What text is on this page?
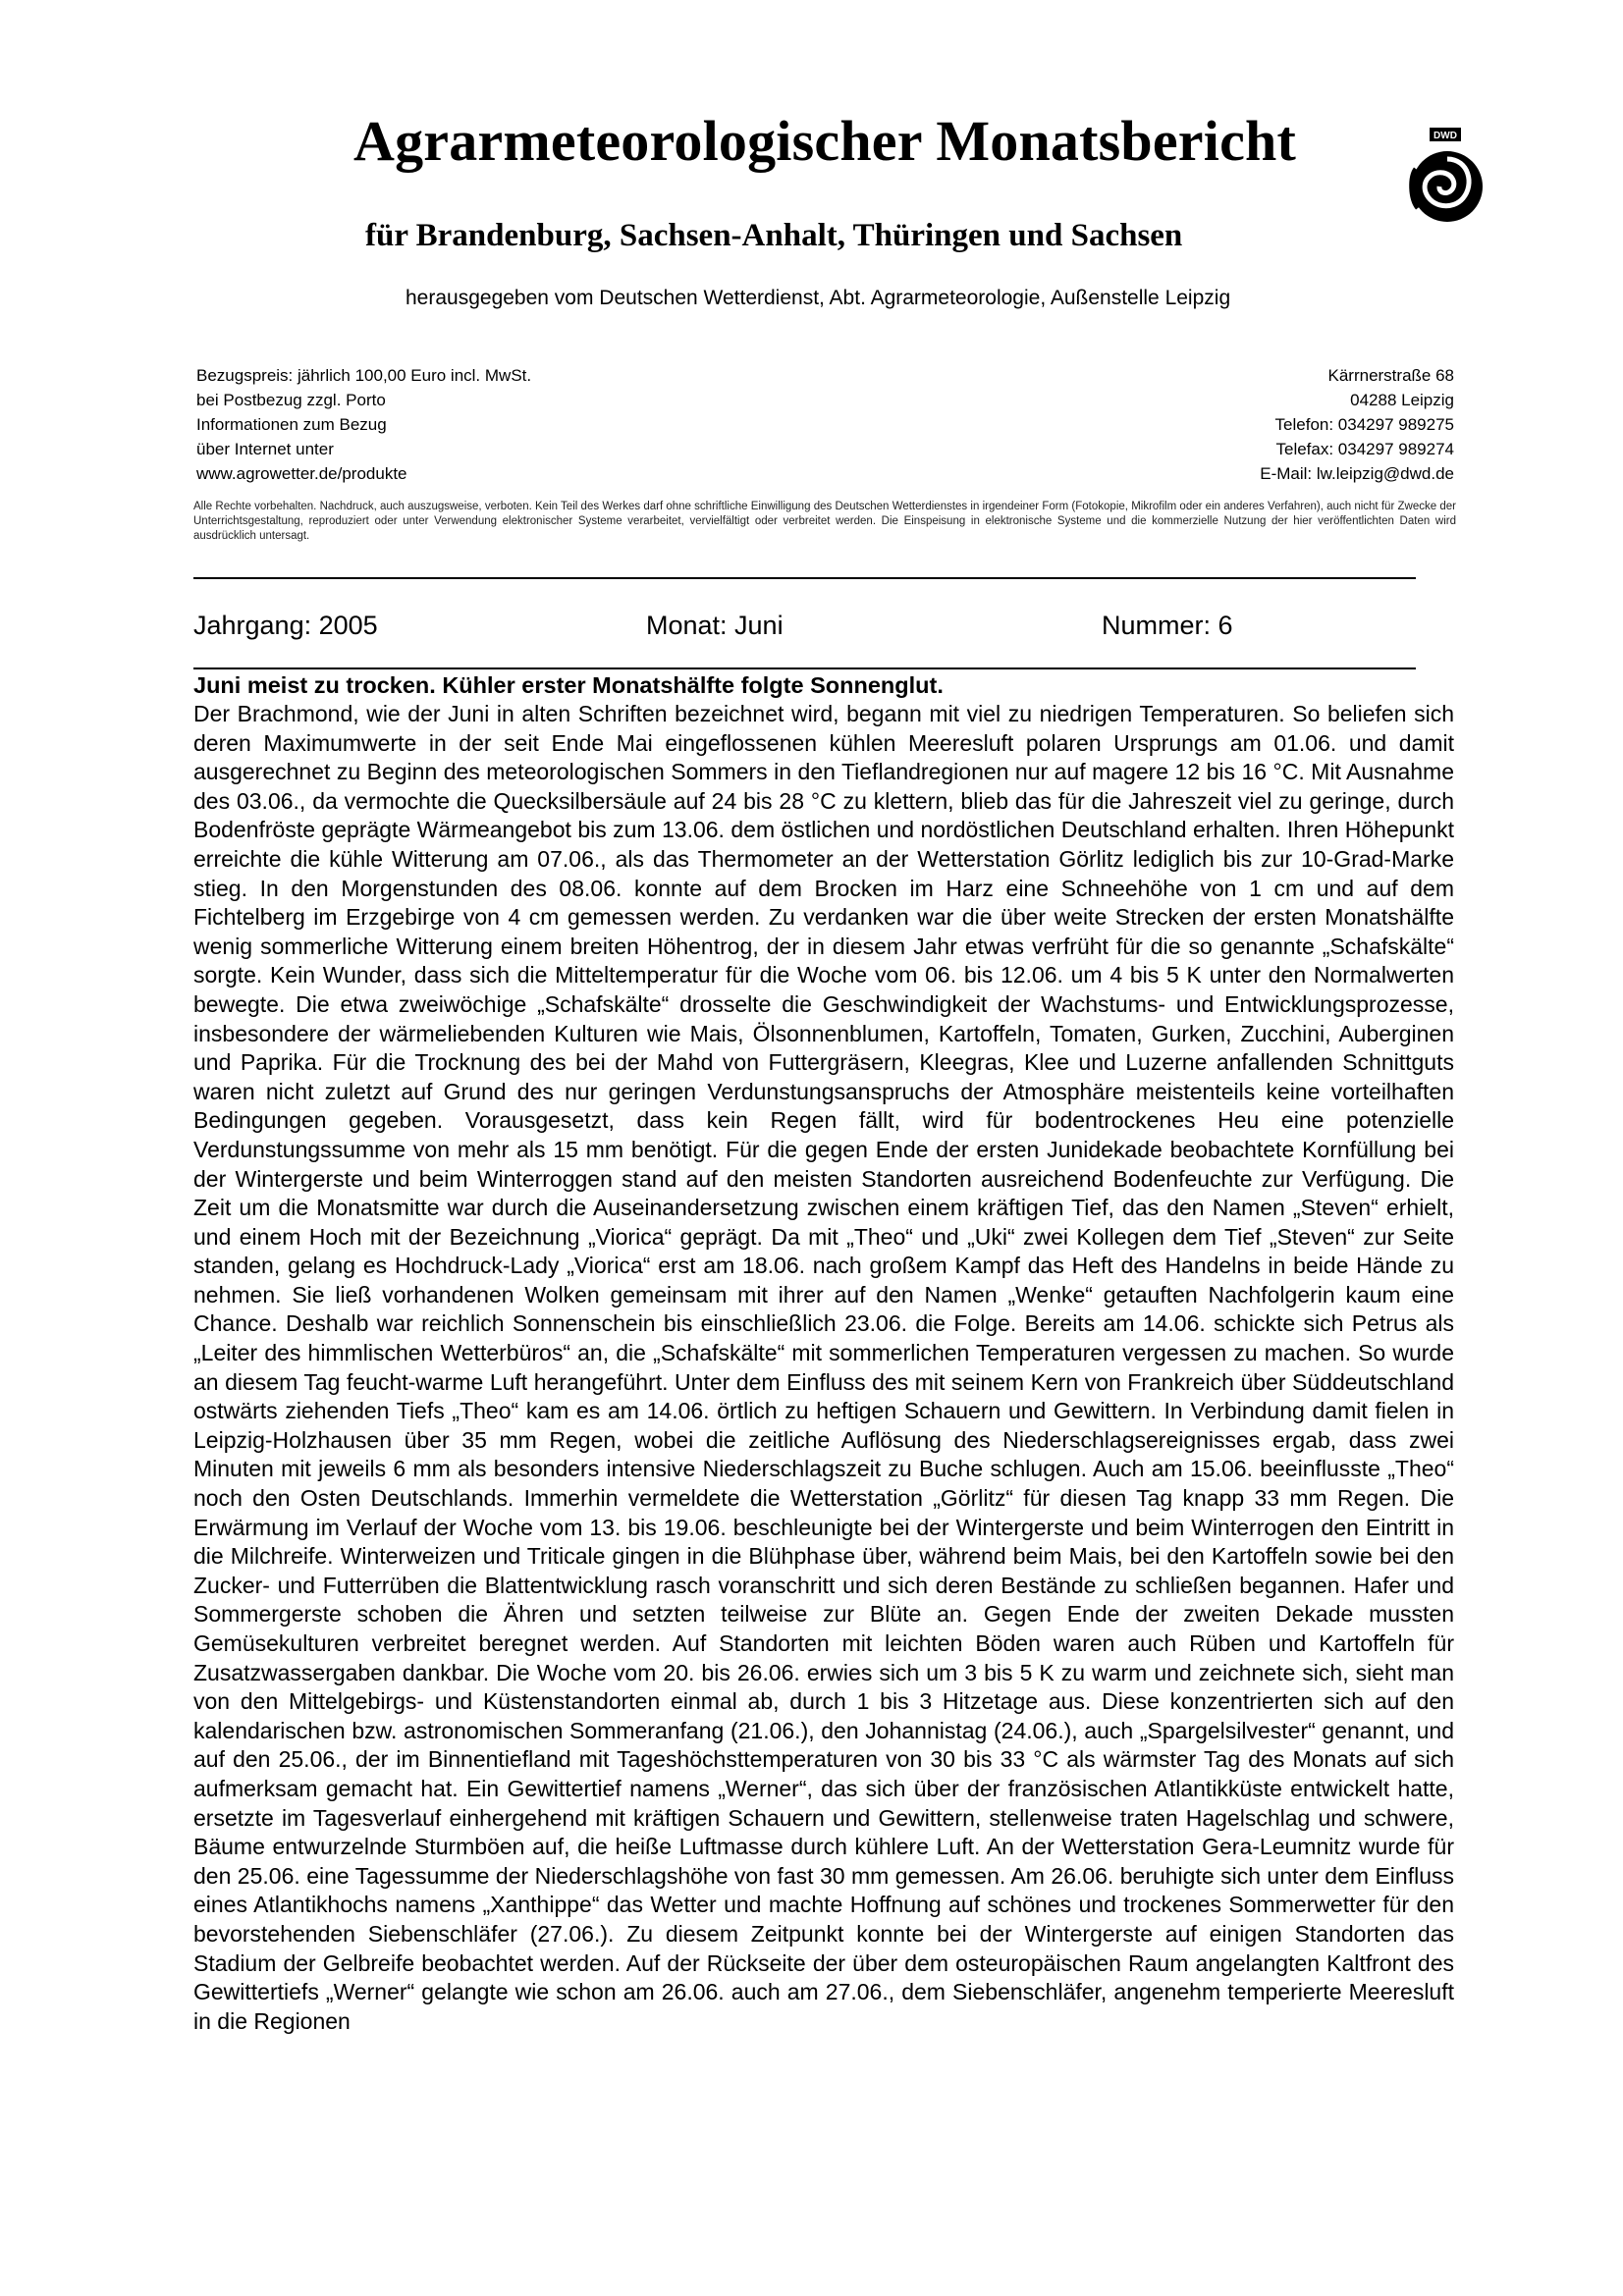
Agrarmeteorologischer Monatsbericht	DWD
für Brandenburg, Sachsen-Anhalt, Thüringen und Sachsen
herausgegeben vom Deutschen Wetterdienst, Abt. Agrarmeteorologie, Außenstelle Leipzig
Bezugspreis: jährlich 100,00 Euro incl. MwSt.
bei Postbezug zzgl. Porto
Informationen zum Bezug
über Internet unter
www.agrowetter.de/produkte
Kärrnerstraße 68
04288 Leipzig
Telefon: 034297 989275
Telefax: 034297 989274
E-Mail: lw.leipzig@dwd.de
Alle Rechte vorbehalten. Nachdruck, auch auszugsweise, verboten. Kein Teil des Werkes darf ohne schriftliche Einwilligung des Deutschen Wetterdienstes in irgendeiner Form (Fotokopie, Mikrofilm oder ein anderes Verfahren), auch nicht für Zwecke der Unterrichtsgestaltung, reproduziert oder unter Verwendung elektronischer Systeme verarbeitet, vervielfältigt oder verbreitet werden. Die Einspeisung in elektronische Systeme und die kommerzielle Nutzung der hier veröffentlichten Daten wird ausdrücklich untersagt.
Jahrgang: 2005	Monat: Juni	Nummer: 6
Juni meist zu trocken. Kühler erster Monatshälfte folgte Sonnenglut.
Der Brachmond, wie der Juni in alten Schriften bezeichnet wird, begann mit viel zu niedrigen Temperaturen. So beliefen sich deren Maximumwerte in der seit Ende Mai eingeflossenen kühlen Meeresluft polaren Ursprungs am 01.06. und damit ausgerechnet zu Beginn des meteorologischen Sommers in den Tieflandregionen nur auf magere 12 bis 16 °C. Mit Ausnahme des 03.06., da vermochte die Quecksilbersäule auf 24 bis 28 °C zu klettern, blieb das für die Jahreszeit viel zu geringe, durch Bodenfröste geprägte Wärmeangebot bis zum 13.06. dem östlichen und nordöstlichen Deutschland erhalten. Ihren Höhepunkt erreichte die kühle Witterung am 07.06., als das Thermometer an der Wetterstation Görlitz lediglich bis zur 10-Grad-Marke stieg. In den Morgenstunden des 08.06. konnte auf dem Brocken im Harz eine Schneehöhe von 1 cm und auf dem Fichtelberg im Erzgebirge von 4 cm gemessen werden. Zu verdanken war die über weite Strecken der ersten Monatshälfte wenig sommerliche Witterung einem breiten Höhentrog, der in diesem Jahr etwas verfrüht für die so genannte „Schafskälte“ sorgte. Kein Wunder, dass sich die Mitteltemperatur für die Woche vom 06. bis 12.06. um 4 bis 5 K unter den Normalwerten bewegte. Die etwa zweiwöchige „Schafskälte“ drosselte die Geschwindigkeit der Wachstums- und Entwicklungsprozesse, insbesondere der wärmeliebenden Kulturen wie Mais, Ölsonnenblumen, Kartoffeln, Tomaten, Gurken, Zucchini, Auberginen und Paprika. Für die Trocknung des bei der Mahd von Futtergräsern, Kleegras, Klee und Luzerne anfallenden Schnittguts waren nicht zuletzt auf Grund des nur geringen Verdunstungsanspruchs der Atmosphäre meistenteils keine vorteilhaften Bedingungen gegeben. Vorausgesetzt, dass kein Regen fällt, wird für bodentrockenes Heu eine potenzielle Verdunstungssumme von mehr als 15 mm benötigt. Für die gegen Ende der ersten Junidekade beobachtete Kornfüllung bei der Wintergerste und beim Winterroggen stand auf den meisten Standorten ausreichend Bodenfeuchte zur Verfügung. Die Zeit um die Monatsmitte war durch die Auseinandersetzung zwischen einem kräftigen Tief, das den Namen „Steven“ erhielt, und einem Hoch mit der Bezeichnung „Viorica“ geprägt. Da mit „Theo“ und „Uki“ zwei Kollegen dem Tief „Steven“ zur Seite standen, gelang es Hochdruck-Lady „Viorica“ erst am 18.06. nach großem Kampf das Heft des Handelns in beide Hände zu nehmen. Sie ließ vorhandenen Wolken gemeinsam mit ihrer auf den Namen „Wenke“ getauften Nachfolgerin kaum eine Chance. Deshalb war reichlich Sonnenschein bis einschließlich 23.06. die Folge. Bereits am 14.06. schickte sich Petrus als „Leiter des himmlischen Wetterbüros“ an, die „Schafskälte“ mit sommerlichen Temperaturen vergessen zu machen. So wurde an diesem Tag feucht-warme Luft herangeführt. Unter dem Einfluss des mit seinem Kern von Frankreich über Süddeutschland ostwärts ziehenden Tiefs „Theo“ kam es am 14.06. örtlich zu heftigen Schauern und Gewittern. In Verbindung damit fielen in Leipzig-Holzhausen über 35 mm Regen, wobei die zeitliche Auflösung des Niederschlagsereignisses ergab, dass zwei Minuten mit jeweils 6 mm als besonders intensive Niederschlagszeit zu Buche schlugen. Auch am 15.06. beeinflusste „Theo“ noch den Osten Deutschlands. Immerhin vermeldete die Wetterstation „Görlitz“ für diesen Tag knapp 33 mm Regen. Die Erwärmung im Verlauf der Woche vom 13. bis 19.06. beschleunigte bei der Wintergerste und beim Winterrogen den Eintritt in die Milchreife. Winterweizen und Triticale gingen in die Blühphase über, während beim Mais, bei den Kartoffeln sowie bei den Zucker- und Futterrüben die Blattentwicklung rasch voranschritt und sich deren Bestände zu schließen begannen. Hafer und Sommergerste schoben die Ähren und setzten teilweise zur Blüte an. Gegen Ende der zweiten Dekade mussten Gemüsekulturen verbreitet beregnet werden. Auf Standorten mit leichten Böden waren auch Rüben und Kartoffeln für Zusatzwassergaben dankbar. Die Woche vom 20. bis 26.06. erwies sich um 3 bis 5 K zu warm und zeichnete sich, sieht man von den Mittelgebirgs- und Küstenstandorten einmal ab, durch 1 bis 3 Hitzetage aus. Diese konzentrierten sich auf den kalendarischen bzw. astronomischen Sommeranfang (21.06.), den Johannistag (24.06.), auch „Spargelsilvester“ genannt, und auf den 25.06., der im Binnentiefland mit Tageshöchsttemperaturen von 30 bis 33 °C als wärmster Tag des Monats auf sich aufmerksam gemacht hat. Ein Gewittertief namens „Werner“, das sich über der französischen Atlantikküste entwickelt hatte, ersetzte im Tagesverlauf einhergehend mit kräftigen Schauern und Gewittern, stellenweise traten Hagelschlag und schwere, Bäume entwurzelnde Sturmböen auf, die heiße Luftmasse durch kühlere Luft. An der Wetterstation Gera-Leumnitz wurde für den 25.06. eine Tagessumme der Niederschlagshöhe von fast 30 mm gemessen. Am 26.06. beruhigte sich unter dem Einfluss eines Atlantikhochs namens „Xanthippe“ das Wetter und machte Hoffnung auf schönes und trockenes Sommerwetter für den bevorstehenden Siebenschläfer (27.06.). Zu diesem Zeitpunkt konnte bei der Wintergerste auf einigen Standorten das Stadium der Gelbreife beobachtet werden. Auf der Rückseite der über dem osteuropäischen Raum angelangten Kaltfront des Gewittertiefs „Werner“ gelangte wie schon am 26.06. auch am 27.06., dem Siebenschläfer, angenehm temperierte Meeresluft in die Regionen
